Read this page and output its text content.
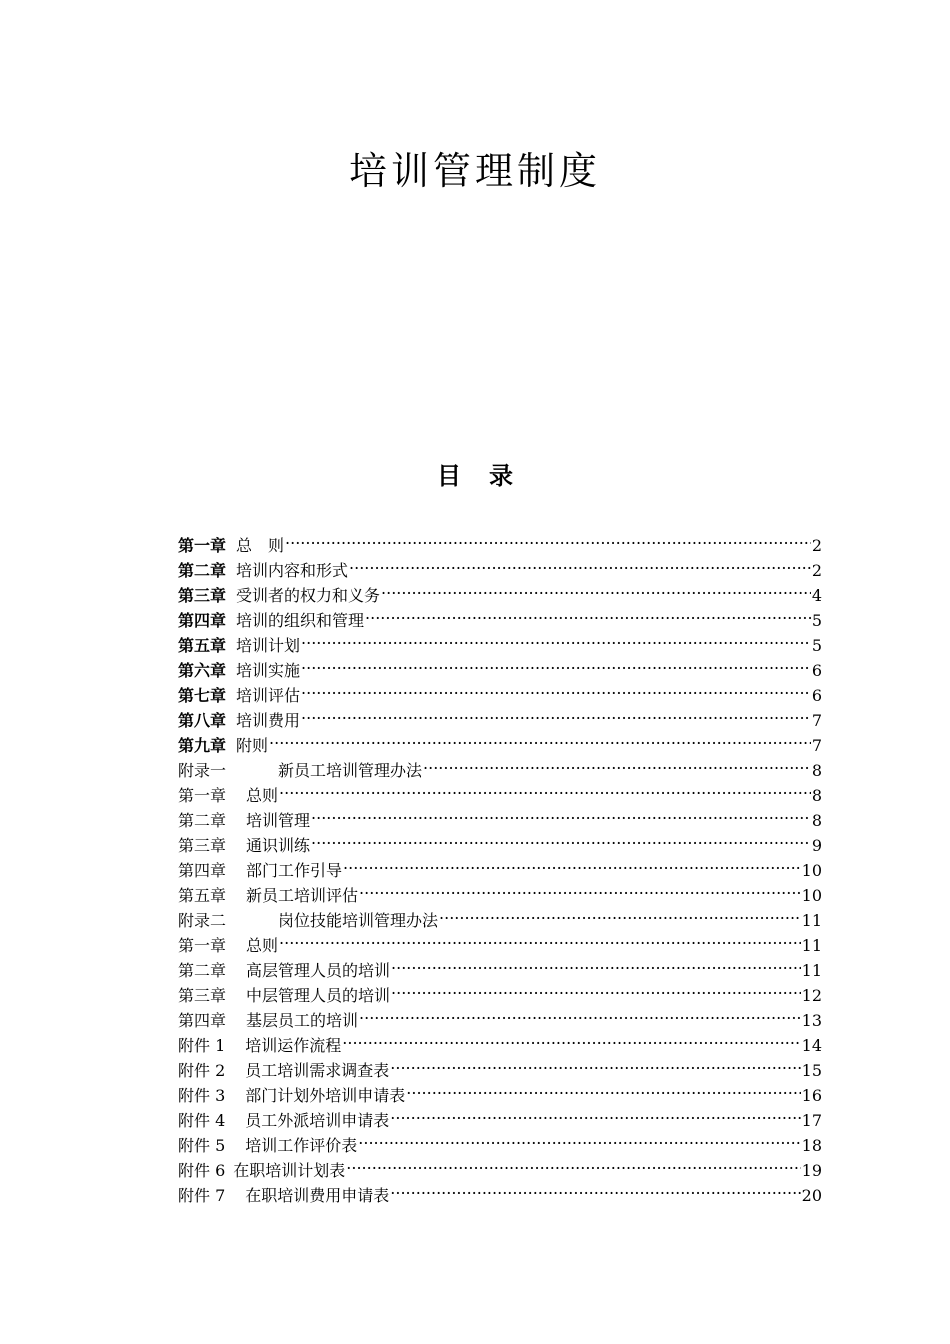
培训管理制度
目 录
第一章 总　则 .....	2
第二章 培训内容和形式 .....	2
第三章 受训者的权力和义务 .....	4
第四章 培训的组织和管理 .....	5
第五章 培训计划 .....	5
第六章 培训实施 .....	6
第七章 培训评估 .....	6
第八章 培训费用 .....	7
第九章 附则 .....	7
附录一	新员工培训管理办法 .....	8
第一章 总则 .....	8
第二章 培训管理 .....	8
第三章 通识训练 .....	9
第四章 部门工作引导 .....	10
第五章 新员工培训评估 .....	10
附录二	岗位技能培训管理办法 .....	11
第一章 总则 .....	11
第二章 高层管理人员的培训 .....	11
第三章 中层管理人员的培训 .....	12
第四章 基层员工的培训 .....	13
附件 1 培训运作流程 .....	14
附件 2 员工培训需求调查表 .....	15
附件 3 部门计划外培训申请表 .....	16
附件 4 员工外派培训申请表 .....	17
附件 5 培训工作评价表 .....	18
附件 6 在职培训计划表 .....	19
附件 7 在职培训费用申请表 .....	20
